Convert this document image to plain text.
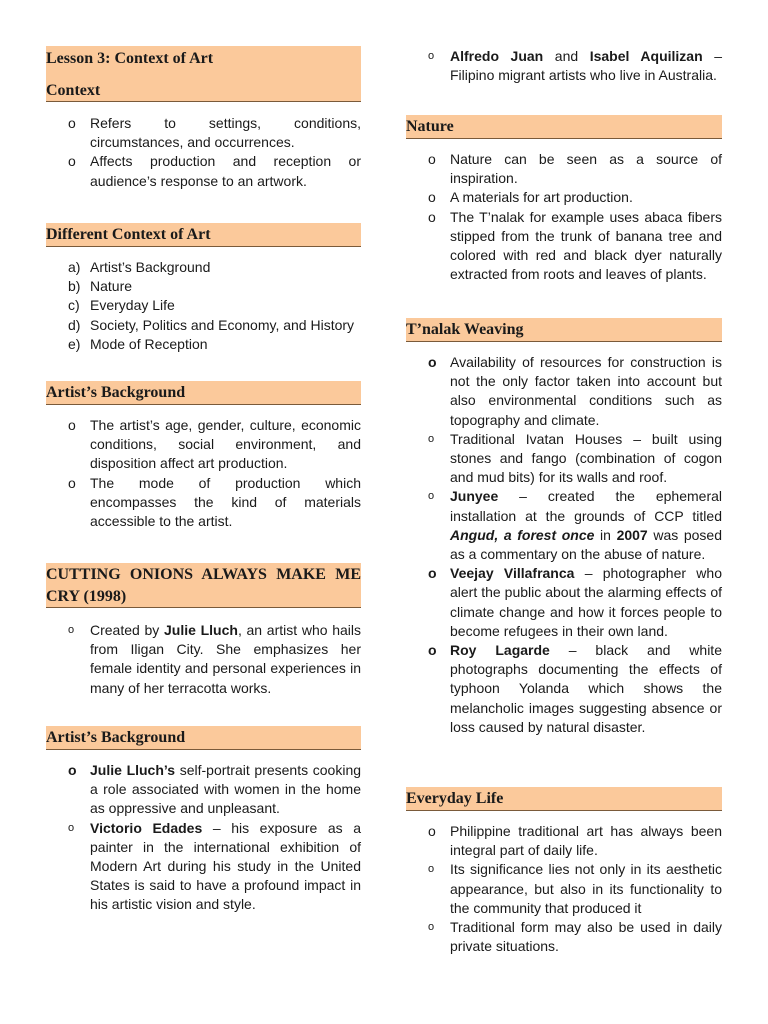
Lesson 3: Context of Art
Context
o Refers to settings, conditions, circumstances, and occurrences.
o Affects production and reception or audience’s response to an artwork.
Different Context of Art
a) Artist’s Background
b) Nature
c) Everyday Life
d) Society, Politics and Economy, and History
e) Mode of Reception
Artist’s Background
o The artist’s age, gender, culture, economic conditions, social environment, and disposition affect art production.
o The mode of production which encompasses the kind of materials accessible to the artist.
CUTTING ONIONS ALWAYS MAKE ME CRY (1998)
o Created by Julie Lluch, an artist who hails from Iligan City. She emphasizes her female identity and personal experiences in many of her terracotta works.
Artist’s Background
o Julie Lluch’s self-portrait presents cooking a role associated with women in the home as oppressive and unpleasant.
o Victorio Edades – his exposure as a painter in the international exhibition of Modern Art during his study in the United States is said to have a profound impact in his artistic vision and style.
o Alfredo Juan and Isabel Aquilizan – Filipino migrant artists who live in Australia.
Nature
o Nature can be seen as a source of inspiration.
o A materials for art production.
o The T’nalak for example uses abaca fibers stipped from the trunk of banana tree and colored with red and black dyer naturally extracted from roots and leaves of plants.
T’nalak Weaving
o Availability of resources for construction is not the only factor taken into account but also environmental conditions such as topography and climate.
o Traditional Ivatan Houses – built using stones and fango (combination of cogon and mud bits) for its walls and roof.
o Junyee – created the ephemeral installation at the grounds of CCP titled Angud, a forest once in 2007 was posed as a commentary on the abuse of nature.
o Veejay Villafranca – photographer who alert the public about the alarming effects of climate change and how it forces people to become refugees in their own land.
o Roy Lagarde – black and white photographs documenting the effects of typhoon Yolanda which shows the melancholic images suggesting absence or loss caused by natural disaster.
Everyday Life
o Philippine traditional art has always been integral part of daily life.
o Its significance lies not only in its aesthetic appearance, but also in its functionality to the community that produced it
o Traditional form may also be used in daily private situations.
